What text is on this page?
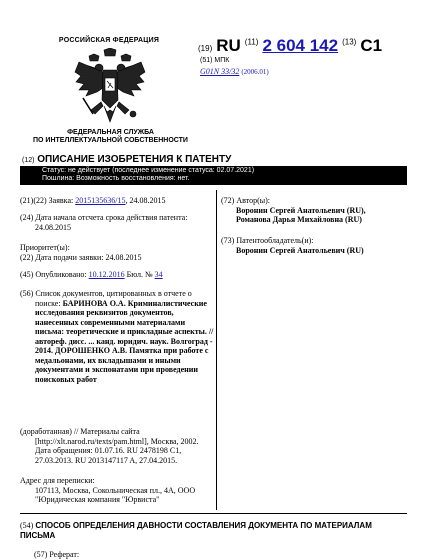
РОССИЙСКАЯ ФЕДЕРАЦИЯ
ФЕДЕРАЛЬНАЯ СЛУЖБА
ПО ИНТЕЛЛЕКТУАЛЬНОЙ СОБСТВЕННОСТИ
(19) RU $^{(11)}$ 2 604 142 $^{(13)}$ C1
(51) МПК
G01N 33/32 (2006.01)
(12) ОПИСАНИЕ ИЗОБРЕТЕНИЯ К ПАТЕНТУ
Статус: не действует (последнее изменение статуса: 02.07.2021)
Пошлина: Возможность восстановления: нет.
(21)(22) Заявка: 2015135636/15, 24.08.2015
(24) Дата начала отсчета срока действия патента:
24.08.2015
Приоритет(ы):
(22) Дата подачи заявки: 24.08.2015
(45) Опубликовано: 10.12.2016 Бюл. № 34
(56) Список документов, цитированных в отчете о поиске: БАРИНОВА О.А. Криминалистические исследования реквизитов документов, нанесенных современными материалами письма: теоретические и прикладные аспекты. // автореф. дисс. ... канд. юридич. наук. Волгоград - 2014. ДОРОШЕНКО А.В. Памятка при работе с медальонами, их вкладышами и иными документами и экспонатами при проведении поисковых работ
(доработанная) // Материалы сайта [http://xlt.narod.ru/texts/pam.html], Москва, 2002. Дата обращения: 01.07.16. RU 2478198 C1, 27.03.2013. RU 2013147117 A, 27.04.2015.
Адрес для переписки:
107113, Москва, Сокольническая пл., 4А, ООО "Юридическая компания "Юрвиста"
(72) Автор(ы):
Воронин Сергей Анатольевич (RU),
Романова Дарья Михайловна (RU)
(73) Патентообладатель(и):
Воронин Сергей Анатольевич (RU)
(54) СПОСОБ ОПРЕДЕЛЕНИЯ ДАВНОСТИ СОСТАВЛЕНИЯ ДОКУМЕНТА ПО МАТЕРИАЛАМ ПИСЬМА
(57) Реферат:
